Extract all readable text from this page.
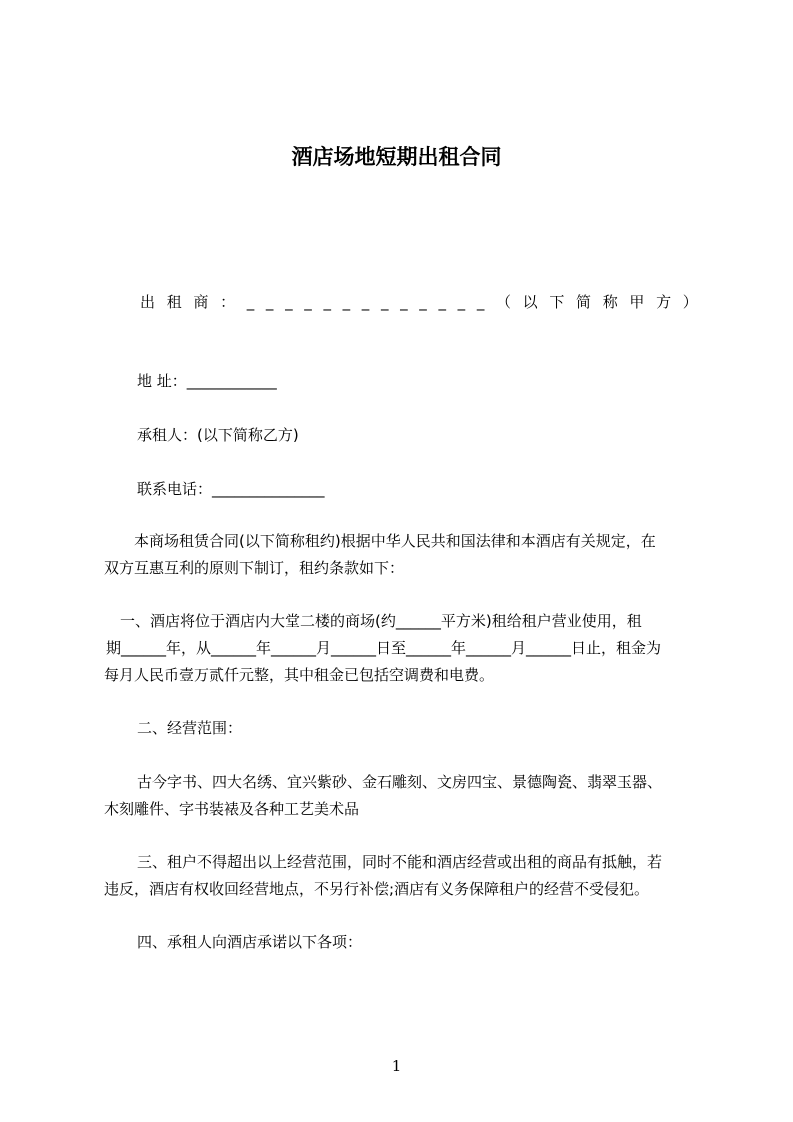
酒店场地短期出租合同
出 租 商 ： _ _ _ _ _ _ _ _ _ _ _ _ _ （ 以 下 简 称 甲 方 ）
地 址：____________
承租人：(以下简称乙方)
联系电话：_______________
本商场租赁合同(以下简称租约)根据中华人民共和国法律和本酒店有关规定，在
双方互惠互利的原则下制订，租约条款如下：
一、酒店将位于酒店内大堂二楼的商场(约______平方米)租给租户营业使用，租
期______年，从______年______月______日至______年______月______日止，租金为
每月人民币壹万贰仟元整，其中租金已包括空调费和电费。
二、经营范围：
古今字书、四大名绣、宜兴紫砂、金石雕刻、文房四宝、景德陶瓷、翡翠玉器、
木刻雕件、字书装裱及各种工艺美术品
三、租户不得超出以上经营范围，同时不能和酒店经营或出租的商品有抵触，若
违反，酒店有权收回经营地点，不另行补偿;酒店有义务保障租户的经营不受侵犯。
四、承租人向酒店承诺以下各项：
1
